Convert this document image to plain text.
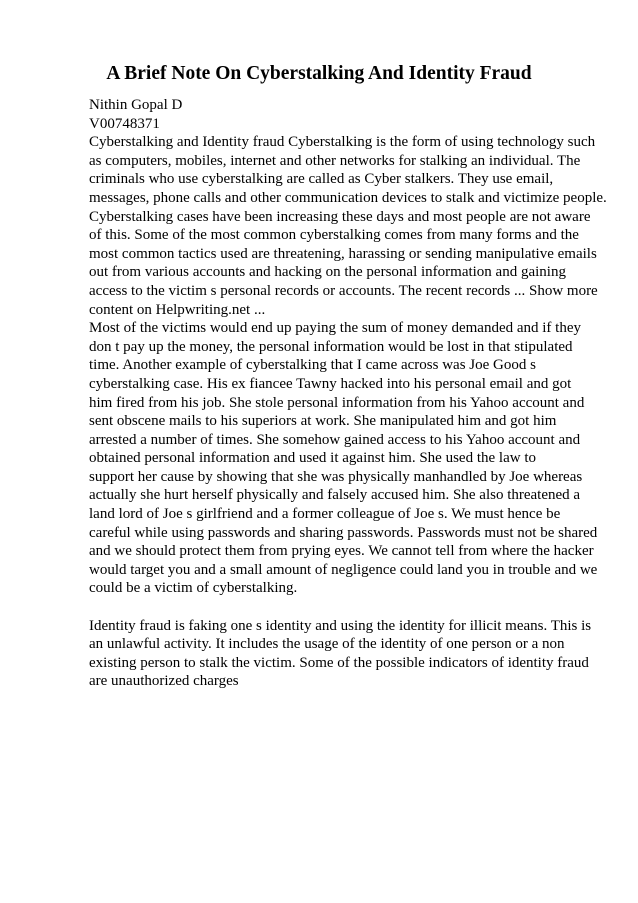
A Brief Note On Cyberstalking And Identity Fraud
Nithin Gopal D
V00748371
Cyberstalking and Identity fraud Cyberstalking is the form of using technology such
as computers, mobiles, internet and other networks for stalking an individual. The
criminals who use cyberstalking are called as Cyber stalkers. They use email,
messages, phone calls and other communication devices to stalk and victimize people.
Cyberstalking cases have been increasing these days and most people are not aware
of this. Some of the most common cyberstalking comes from many forms and the
most common tactics used are threatening, harassing or sending manipulative emails
out from various accounts and hacking on the personal information and gaining
access to the victim s personal records or accounts. The recent records ... Show more
content on Helpwriting.net ...
Most of the victims would end up paying the sum of money demanded and if they
don t pay up the money, the personal information would be lost in that stipulated
time. Another example of cyberstalking that I came across was Joe Good s
cyberstalking case. His ex fiancee Tawny hacked into his personal email and got
him fired from his job. She stole personal information from his Yahoo account and
sent obscene mails to his superiors at work. She manipulated him and got him
arrested a number of times. She somehow gained access to his Yahoo account and
obtained personal information and used it against him. She used the law to
support her cause by showing that she was physically manhandled by Joe whereas
actually she hurt herself physically and falsely accused him. She also threatened a
land lord of Joe s girlfriend and a former colleague of Joe s. We must hence be
careful while using passwords and sharing passwords. Passwords must not be shared
and we should protect them from prying eyes. We cannot tell from where the hacker
would target you and a small amount of negligence could land you in trouble and we
could be a victim of cyberstalking.
Identity fraud is faking one s identity and using the identity for illicit means. This is
an unlawful activity. It includes the usage of the identity of one person or a non
existing person to stalk the victim. Some of the possible indicators of identity fraud
are unauthorized charges
